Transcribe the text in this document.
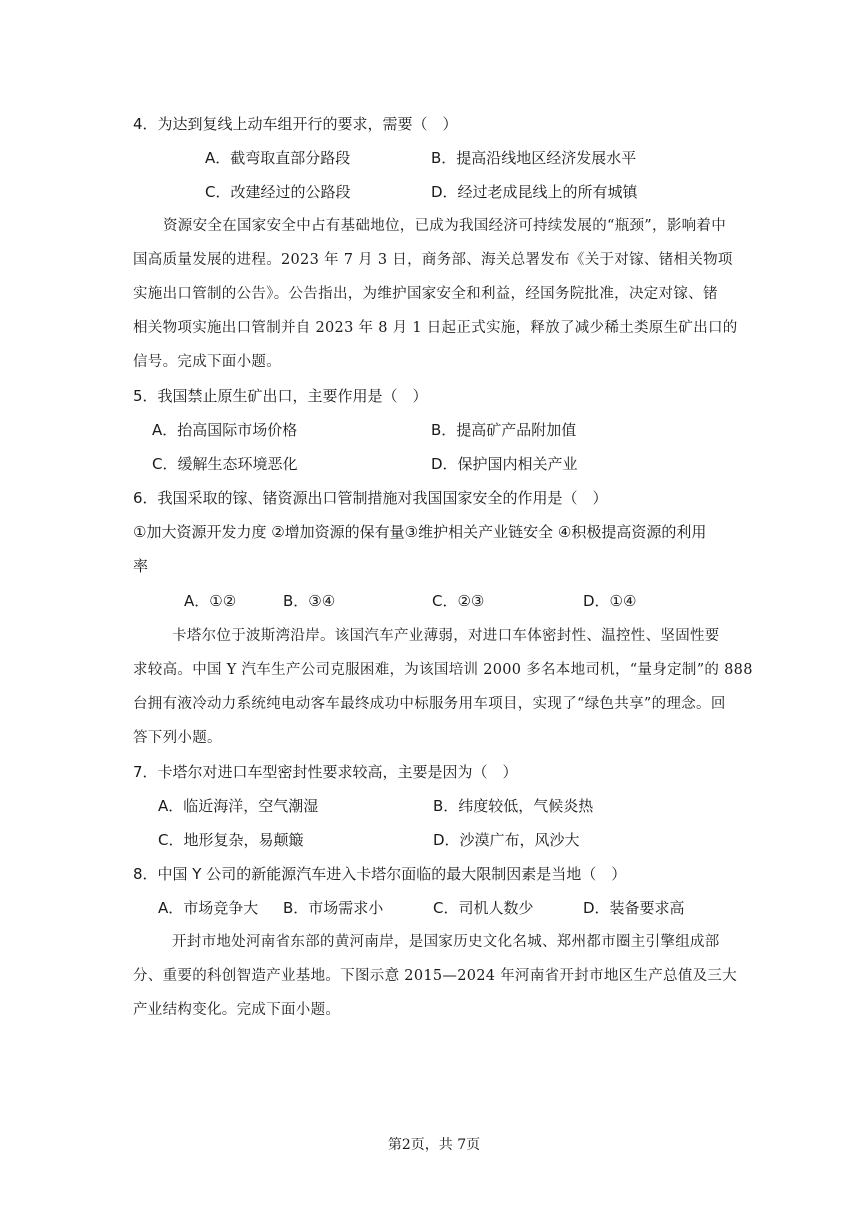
4．为达到复线上动车组开行的要求，需要（　）
A．截弯取直部分路段	B．提高沿线地区经济发展水平
C．改建经过的公路段	D．经过老成昆线上的所有城镇
资源安全在国家安全中占有基础地位，已成为我国经济可持续发展的“瓶颈”，影响着中
国高质量发展的进程。2023 年 7 月 3 日，商务部、海关总署发布《关于对镓、锗相关物项
实施出口管制的公告》。公告指出，为维护国家安全和利益，经国务院批准，决定对镓、锗
相关物项实施出口管制并自 2023 年 8 月 1 日起正式实施，释放了减少稀土类原生矿出口的
信号。完成下面小题。
5．我国禁止原生矿出口，主要作用是（　）
A．抬高国际市场价格	B．提高矿产品附加值
C．缓解生态环境恶化	D．保护国内相关产业
6．我国采取的镓、锗资源出口管制措施对我国国家安全的作用是（　）
①加大资源开发力度 ②增加资源的保有量③维护相关产业链安全 ④积极提高资源的利用
率
A．①②	B．③④	C．②③	D．①④
卡塔尔位于波斯湾沿岸。该国汽车产业薄弱，对进口车体密封性、温控性、坚固性要
求较高。中国 Y 汽车生产公司克服困难，为该国培训 2000 多名本地司机，“量身定制”的 888
台拥有液冷动力系统纯电动客车最终成功中标服务用车项目，实现了“绿色共享”的理念。回
答下列小题。
7．卡塔尔对进口车型密封性要求较高，主要是因为（　）
A．临近海洋，空气潮湿	B．纬度较低，气候炎热
C．地形复杂，易颠簸	D．沙漠广布，风沙大
8．中国 Y 公司的新能源汽车进入卡塔尔面临的最大限制因素是当地（　）
A．市场竞争大 B．市场需求小	C．司机人数少	D．装备要求高
开封市地处河南省东部的黄河南岸，是国家历史文化名城、郑州都市圈主引擎组成部
分、重要的科创智造产业基地。下图示意 2015—2024 年河南省开封市地区生产总值及三大
产业结构变化。完成下面小题。
第2页，共 7页
